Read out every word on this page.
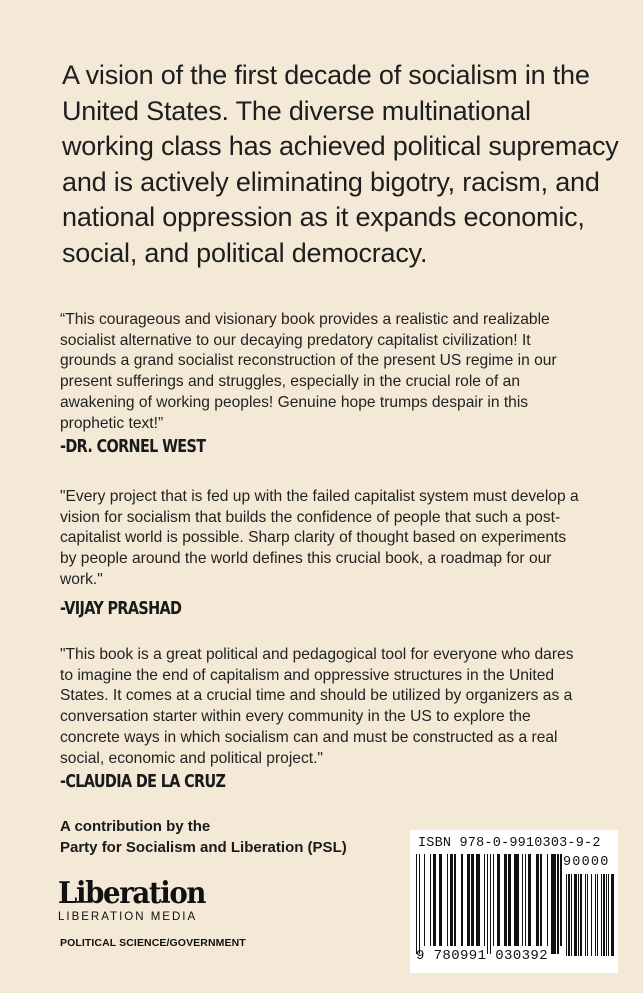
A vision of the first decade of socialism in the United States. The diverse multinational working class has achieved political supremacy and is actively eliminating bigotry, racism, and national oppression as it expands economic, social, and political democracy.

“This courageous and visionary book provides a realistic and realizable socialist alternative to our decaying predatory capitalist civilization! It grounds a grand socialist reconstruction of the present US regime in our present sufferings and struggles, especially in the crucial role of an awakening of working peoples! Genuine hope trumps despair in this prophetic text!”

-DR. CORNEL WEST

"Every project that is fed up with the failed capitalist system must develop a vision for socialism that builds the confidence of people that such a post-capitalist world is possible. Sharp clarity of thought based on experiments by people around the world defines this crucial book, a roadmap for our work."

-VIJAY PRASHAD

"This book is a great political and pedagogical tool for everyone who dares to imagine the end of capitalism and oppressive structures in the United States. It comes at a crucial time and should be utilized by organizers as a conversation starter within every community in the US to explore the concrete ways in which socialism can and must be constructed as a real social, economic and political project."

-CLAUDIA DE LA CRUZ

A contribution by the
Party for Socialism and Liberation (PSL)
Liberation
LIBERATION MEDIA

POLITICAL SCIENCE/GOVERNMENT

ISBN 978-0-9910303-9-2
90000
9 780991 030392
